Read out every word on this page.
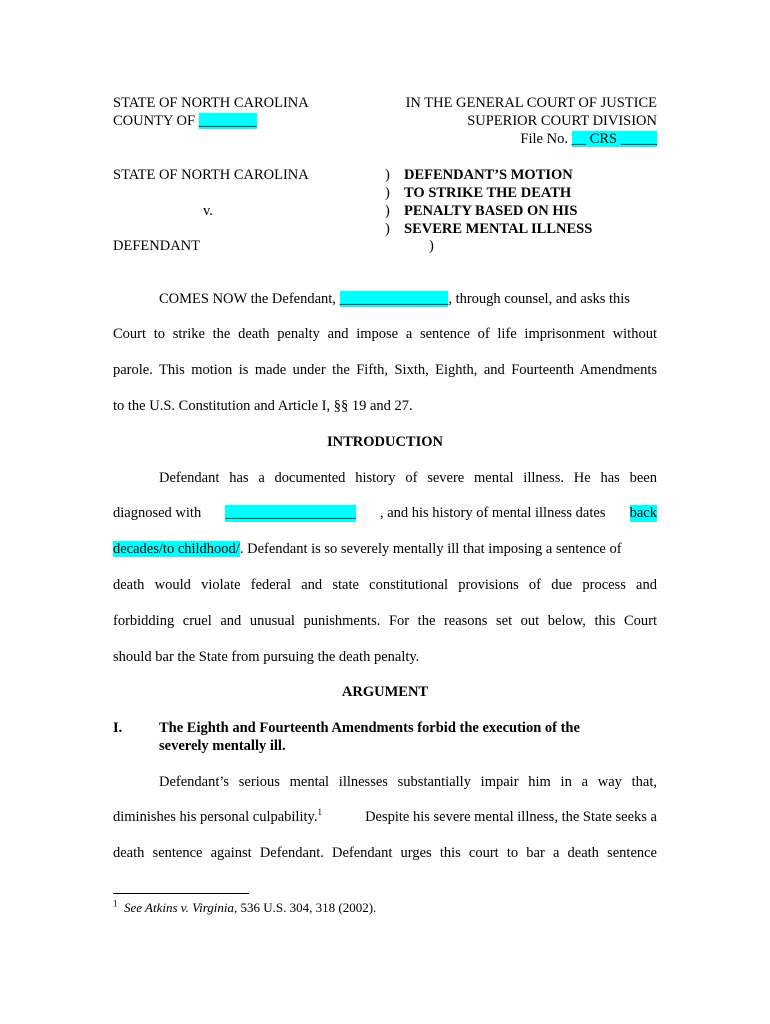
STATE OF NORTH CAROLINA
COUNTY OF ________
IN THE GENERAL COURT OF JUSTICE
SUPERIOR COURT DIVISION
File No. __ CRS _____
STATE OF NORTH CAROLINA
v.
DEFENDANT
)
)
)
)
)
DEFENDANT’S MOTION
TO STRIKE THE DEATH
PENALTY BASED ON HIS
SEVERE MENTAL ILLNESS
COMES NOW the Defendant, _______________, through counsel, and asks this
Court to strike the death penalty and impose a sentence of life imprisonment without
parole. This motion is made under the Fifth, Sixth, Eighth, and Fourteenth Amendments
to the U.S. Constitution and Article I, §§ 19 and 27.
INTRODUCTION
Defendant has a documented history of severe mental illness. He has been
diagnosed with __________________ , and his history of mental illness dates back
decades/to childhood/. Defendant is so severely mentally ill that imposing a sentence of
death would violate federal and state constitutional provisions of due process and
forbidding cruel and unusual punishments. For the reasons set out below, this Court
should bar the State from pursuing the death penalty.
ARGUMENT
I.	The Eighth and Fourteenth Amendments forbid the execution of the
severely mentally ill.
Defendant’s serious mental illnesses substantially impair him in a way that,
diminishes his personal culpability.$^1$	Despite his severe mental illness, the State seeks a
death sentence against Defendant. Defendant urges this court to bar a death sentence
$^1$ See Atkins v. Virginia, 536 U.S. 304, 318 (2002).
